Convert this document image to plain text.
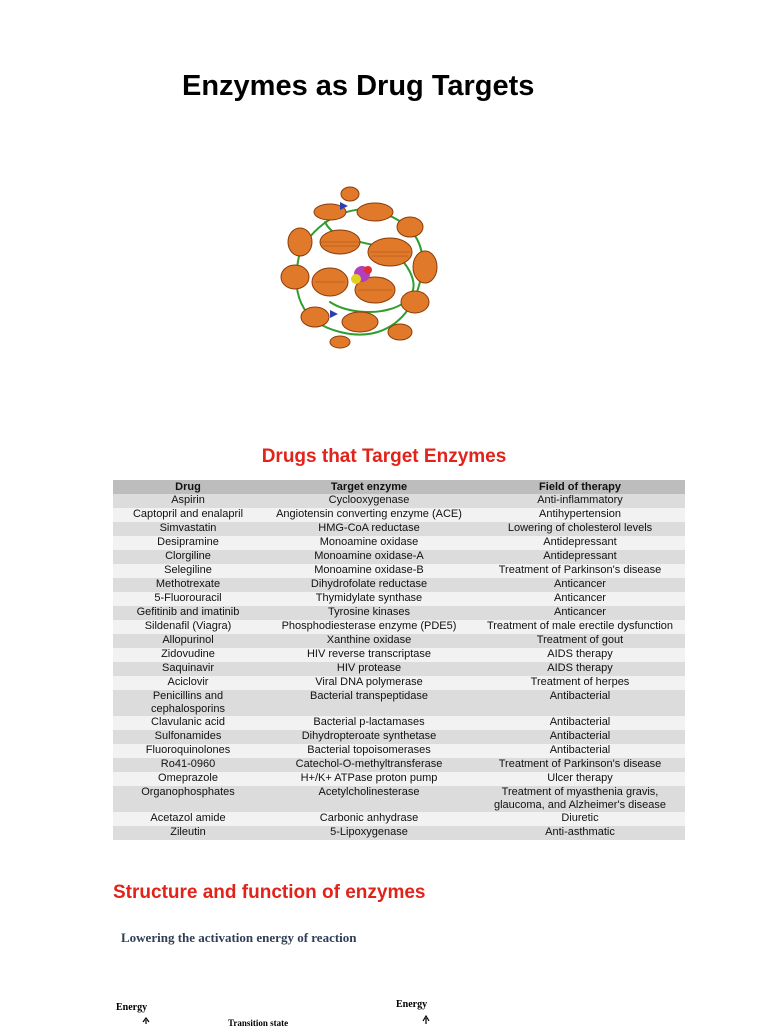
Enzymes as Drug Targets
Drugs that Target Enzymes
Drug	Target enzyme	Field of therapy
Aspirin	Cyclooxygenase	Anti-inflammatory
Captopril and enalapril	Angiotensin converting enzyme (ACE)	Antihypertension
Simvastatin	HMG-CoA reductase	Lowering of cholesterol levels
Desipramine	Monoamine oxidase	Antidepressant
Clorgiline	Monoamine oxidase-A	Antidepressant
Selegiline	Monoamine oxidase-B	Treatment of Parkinson's disease
Methotrexate	Dihydrofolate reductase	Anticancer
5-Fluorouracil	Thymidylate synthase	Anticancer
Gefitinib and imatinib	Tyrosine kinases	Anticancer
Sildenafil (Viagra)	Phosphodiesterase enzyme (PDE5)	Treatment of male erectile dysfunction
Allopurinol	Xanthine oxidase	Treatment of gout
Zidovudine	HIV reverse transcriptase	AIDS therapy
Saquinavir	HIV protease	AIDS therapy
Aciclovir	Viral DNA polymerase	Treatment of herpes
Penicillins and cephalosporins	Bacterial transpeptidase	Antibacterial
Clavulanic acid	Bacterial p-lactamases	Antibacterial
Sulfonamides	Dihydropteroate synthetase	Antibacterial
Fluoroquinolones	Bacterial topoisomerases	Antibacterial
Ro41-0960	Catechol-O-methyltransferase	Treatment of Parkinson's disease
Omeprazole	H+/K+ ATPase proton pump	Ulcer therapy
Organophosphates	Acetylcholinesterase	Treatment of myasthenia gravis, glaucoma, and Alzheimer's disease
Acetazol amide	Carbonic anhydrase	Diuretic
Zileutin	5-Lipoxygenase	Anti-asthmatic
Structure and function of enzymes
Lowering the activation energy of reaction
Energy	Energy
Transition state
